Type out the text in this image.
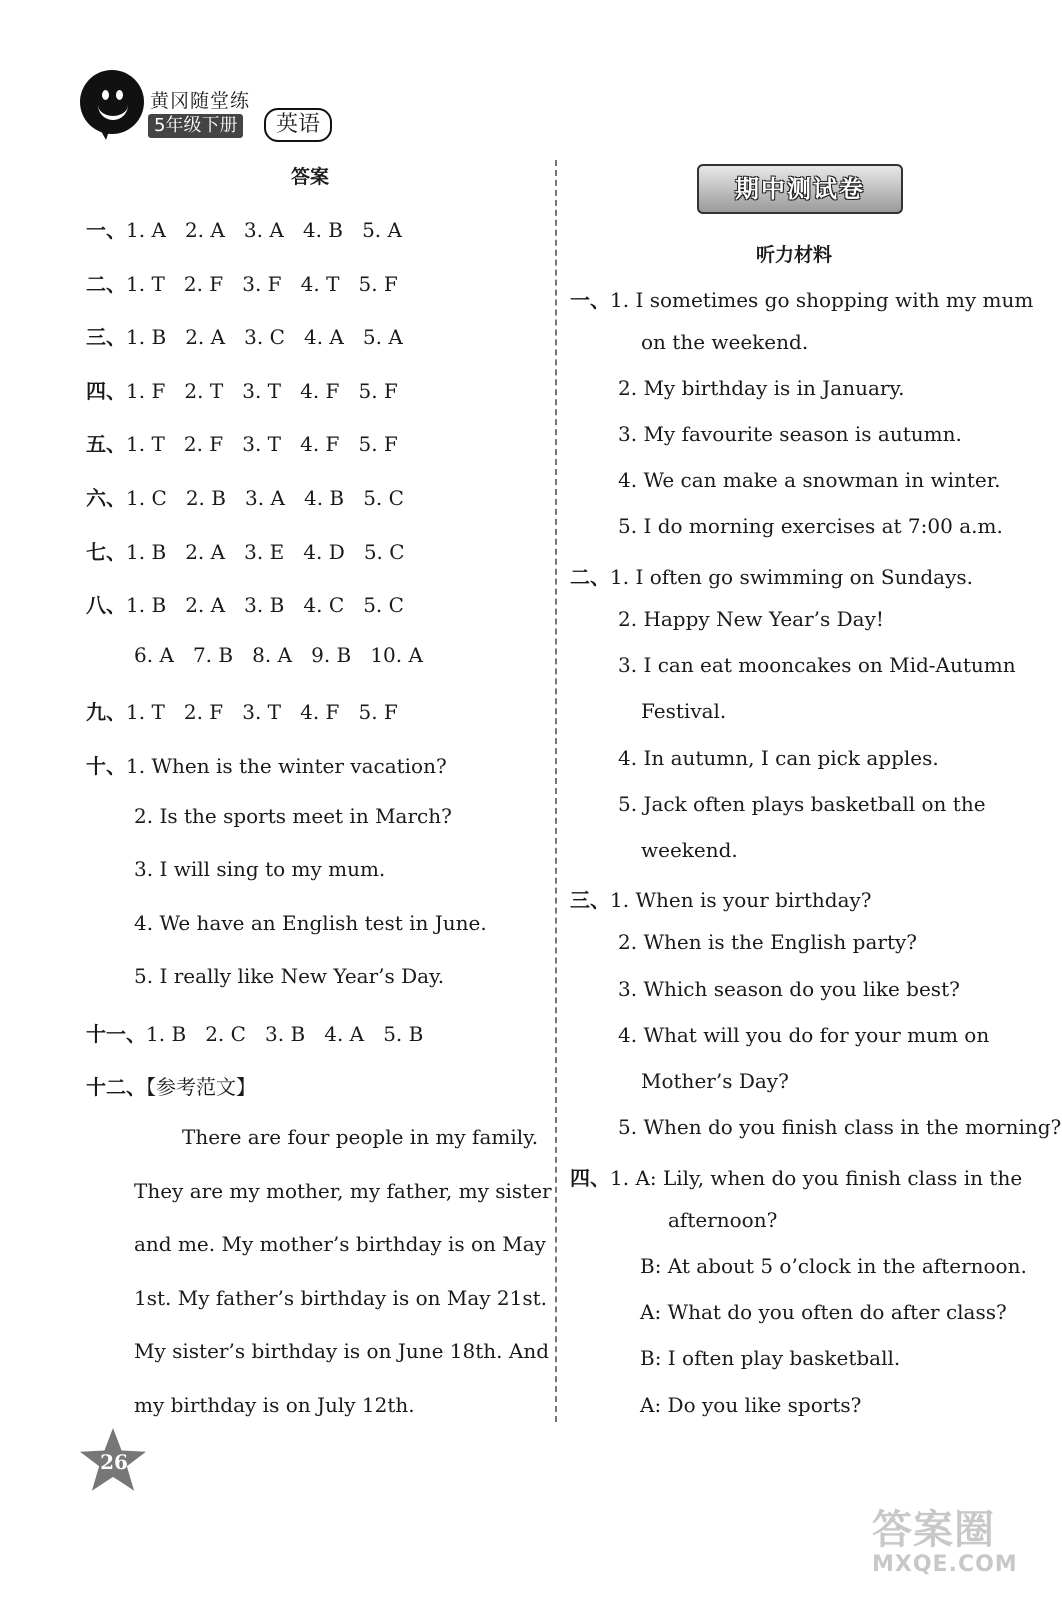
黄冈随堂练
5年级下册	英语
答案
一、1. A   2. A   3. A   4. B   5. A
二、1. T   2. F   3. F   4. T   5. F
三、1. B   2. A   3. C   4. A   5. A
四、1. F   2. T   3. T   4. F   5. F
五、1. T   2. F   3. T   4. F   5. F
六、1. C   2. B   3. A   4. B   5. C
七、1. B   2. A   3. E   4. D   5. C
八、1. B   2. A   3. B   4. C   5. C
6. A   7. B   8. A   9. B   10. A
九、1. T   2. F   3. T   4. F   5. F
十、1. When is the winter vacation?
2. Is the sports meet in March?
3. I will sing to my mum.
4. We have an English test in June.
5. I really like New Year’s Day.
十一、1. B   2. C   3. B   4. A   5. B
十二、【参考范文】
There are four people in my family.
They are my mother, my father, my sister
and me. My mother’s birthday is on May
1st. My father’s birthday is on May 21st.
My sister’s birthday is on June 18th. And
my birthday is on July 12th.
期中测试卷
听力材料
一、1. I sometimes go shopping with my mum
on the weekend.
2. My birthday is in January.
3. My favourite season is autumn.
4. We can make a snowman in winter.
5. I do morning exercises at 7:00 a.m.
二、1. I often go swimming on Sundays.
2. Happy New Year’s Day!
3. I can eat mooncakes on Mid-Autumn
Festival.
4. In autumn, I can pick apples.
5. Jack often plays basketball on the
weekend.
三、1. When is your birthday?
2. When is the English party?
3. Which season do you like best?
4. What will you do for your mum on
Mother’s Day?
5. When do you finish class in the morning?
四、1. A: Lily, when do you finish class in the
afternoon?
B: At about 5 o’clock in the afternoon.
A: What do you often do after class?
B: I often play basketball.
A: Do you like sports?
26
答案圈
MXQE.COM
